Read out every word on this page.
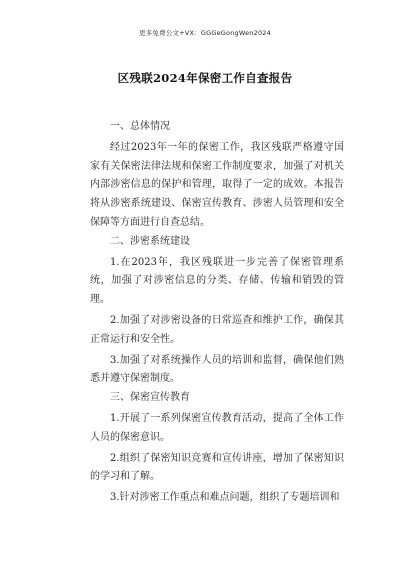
更多免费公文+VX：GGGeGongWen2024
区残联2024年保密工作自查报告

一、总体情况

经过2023年一年的保密工作，我区残联严格遵守国家有关保密法律法规和保密工作制度要求，加强了对机关内部涉密信息的保护和管理，取得了一定的成效。本报告将从涉密系统建设、保密宣传教育、涉密人员管理和安全保障等方面进行自查总结。

二、涉密系统建设

1.在2023年，我区残联进一步完善了保密管理系统，加强了对涉密信息的分类、存储、传输和销毁的管理。

2.加强了对涉密设备的日常巡查和维护工作，确保其正常运行和安全性。

3.加强了对系统操作人员的培训和监督，确保他们熟悉并遵守保密制度。

三、保密宣传教育

1.开展了一系列保密宣传教育活动，提高了全体工作人员的保密意识。

2.组织了保密知识竞赛和宣传讲座，增加了保密知识的学习和了解。

3.针对涉密工作重点和难点问题，组织了专题培训和
